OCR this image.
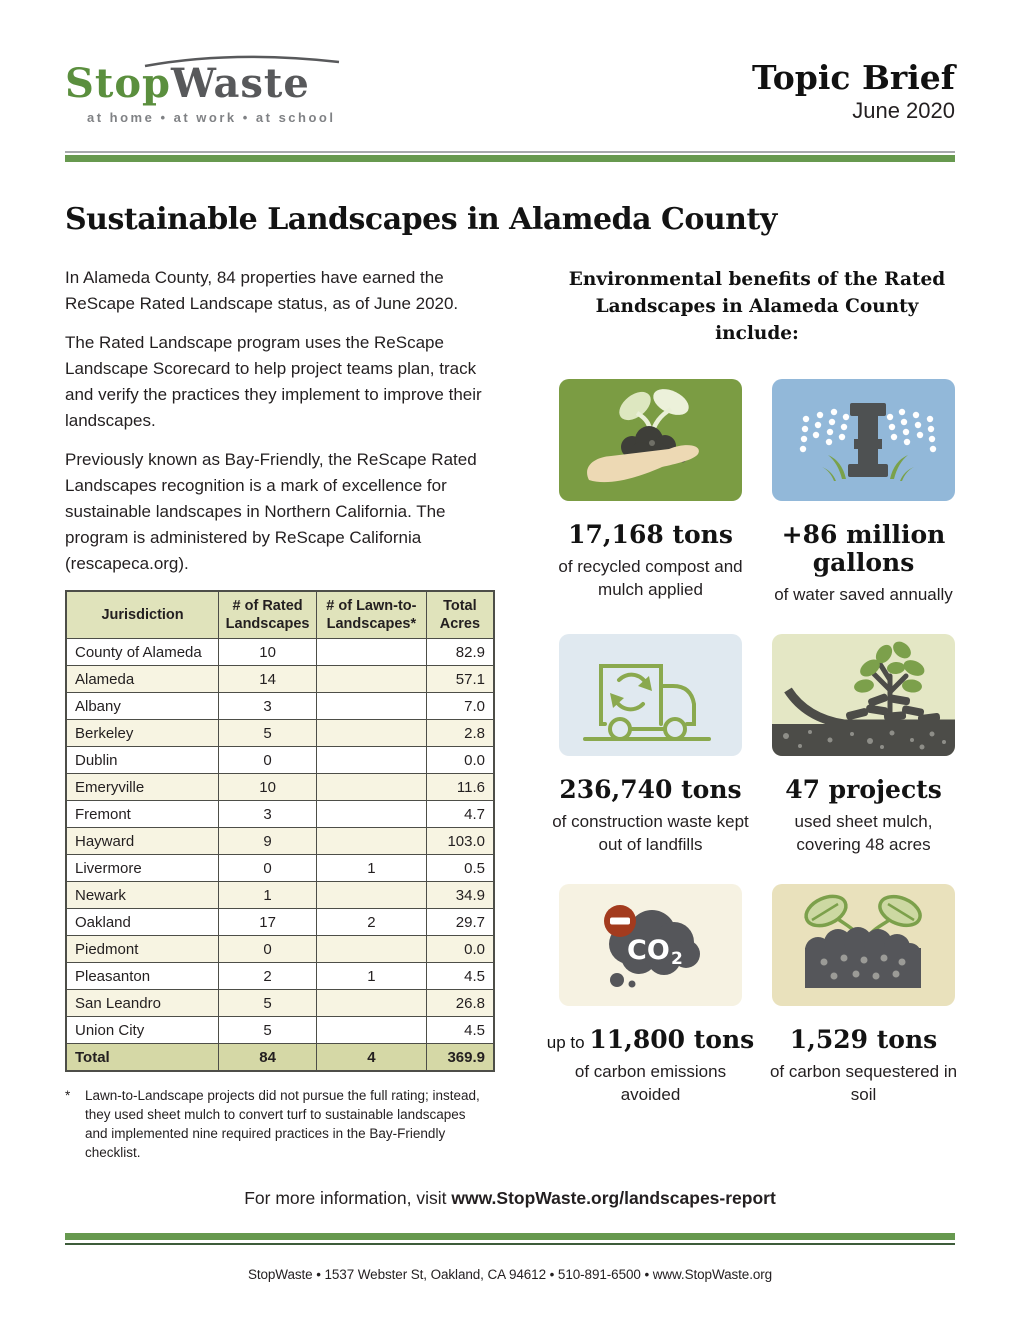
StopWaste
at home • at work • at school
Topic Brief
June 2020
Sustainable Landscapes in Alameda County

In Alameda County, 84 properties have earned the ReScape Rated Landscape status, as of June 2020.

The Rated Landscape program uses the ReScape Landscape Scorecard to help project teams plan, track and verify the practices they implement to improve their landscapes.

Previously known as Bay-Friendly, the ReScape Rated Landscapes recognition is a mark of excellence for sustainable landscapes in Northern California. The program is administered by ReScape California (rescapeca.org).

Jurisdiction	# of Rated Landscapes	# of Lawn-to-Landscapes*	Total Acres
County of Alameda	10		82.9
Alameda	14		57.1
Albany	3		7.0
Berkeley	5		2.8
Dublin	0		0.0
Emeryville	10		11.6
Fremont	3		4.7
Hayward	9		103.0
Livermore	0	1	0.5
Newark	1		34.9
Oakland	17	2	29.7
Piedmont	0		0.0
Pleasanton	2	1	4.5
San Leandro	5		26.8
Union City	5		4.5
Total	84	4	369.9
*	Lawn-to-Landscape projects did not pursue the full rating; instead, they used sheet mulch to convert turf to sustainable landscapes and implemented nine required practices in the Bay-Friendly checklist.
Environmental benefits of the Rated Landscapes in Alameda County include:
17,168 tons
of recycled compost and mulch applied
+86 million gallons
of water saved annually
236,740 tons
of construction waste kept out of landfills
47 projects
used sheet mulch, covering 48 acres
CO 2
up to 11,800 tons
of carbon emissions avoided
1,529 tons
of carbon sequestered in soil
For more information, visit www.StopWaste.org/landscapes-report
StopWaste • 1537 Webster St, Oakland, CA 94612 • 510-891-6500 • www.StopWaste.org
